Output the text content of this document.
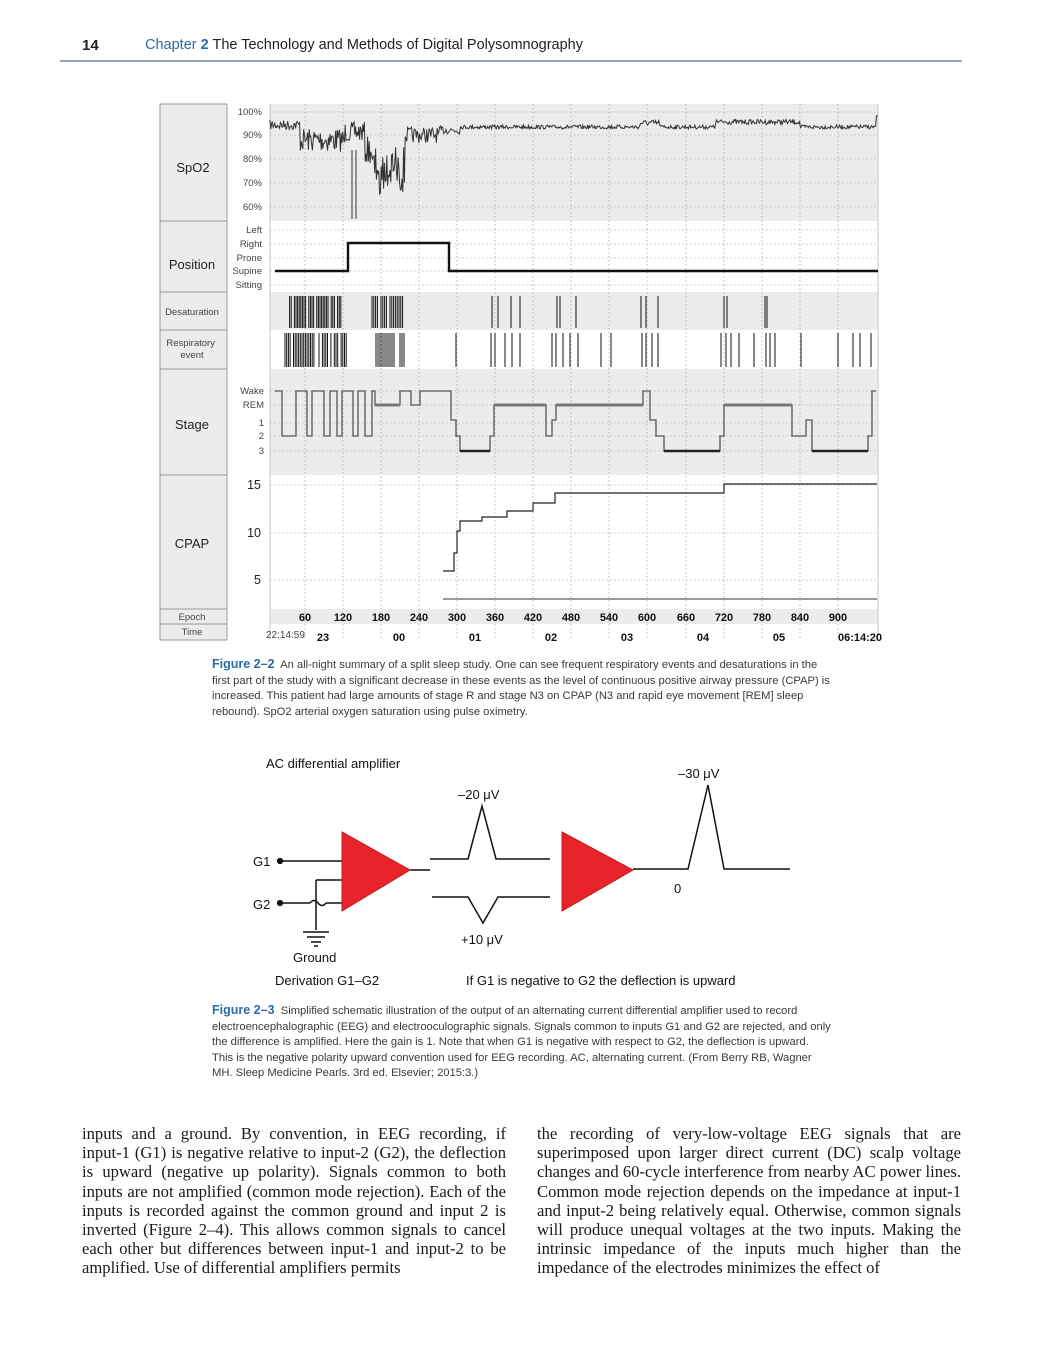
14	Chapter 2 The Technology and Methods of Digital Polysomnography
SpO2
Position
Desaturation
Respiratory event
Stage
CPAP
Epoch
Time
100%
90%
80%
70%
60%
Left
Right
Prone
Supine
Sitting
Wake
REM
1
2
3
15
10
5
60 120 180 240 300 360 420 480 540 600 660 720 780 840 900
23	00	01	02	03	04	05
22:14:59	06:14:20
Figure 2–2 An all-night summary of a split sleep study. One can see frequent respiratory events and desaturations in the first part of the study with a significant decrease in these events as the level of continuous positive airway pressure (CPAP) is increased. This patient had large amounts of stage R and stage N3 on CPAP (N3 and rapid eye movement [REM] sleep rebound). SpO2 arterial oxygen saturation using pulse oximetry.
AC differential amplifier
G1
G2
Ground
Derivation G1–G2
–20 μV
+10 μV
–30 μV
0
If G1 is negative to G2 the deflection is upward
Figure 2–3 Simplified schematic illustration of the output of an alternating current differential amplifier used to record electroencephalographic (EEG) and electrooculographic signals. Signals common to inputs G1 and G2 are rejected, and only the difference is amplified. Here the gain is 1. Note that when G1 is negative with respect to G2, the deflection is upward. This is the negative polarity upward convention used for EEG recording. AC, alternating current. (From Berry RB, Wagner MH. Sleep Medicine Pearls. 3rd ed. Elsevier; 2015:3.)
inputs and a ground. By convention, in EEG recording, if input-1 (G1) is negative relative to input-2 (G2), the deflection is upward (negative up polarity). Signals common to both inputs are not amplified (common mode rejection). Each of the inputs is recorded against the common ground and input 2 is inverted (Figure 2–4). This allows common signals to cancel each other but differences between input-1 and input-2 to be amplified. Use of differential amplifiers permits
the recording of very-low-voltage EEG signals that are superimposed upon larger direct current (DC) scalp voltage changes and 60-cycle interference from nearby AC power lines. Common mode rejection depends on the impedance at input-1 and input-2 being relatively equal. Otherwise, common signals will produce unequal voltages at the two inputs. Making the intrinsic impedance of the inputs much higher than the impedance of the electrodes minimizes the effect of
